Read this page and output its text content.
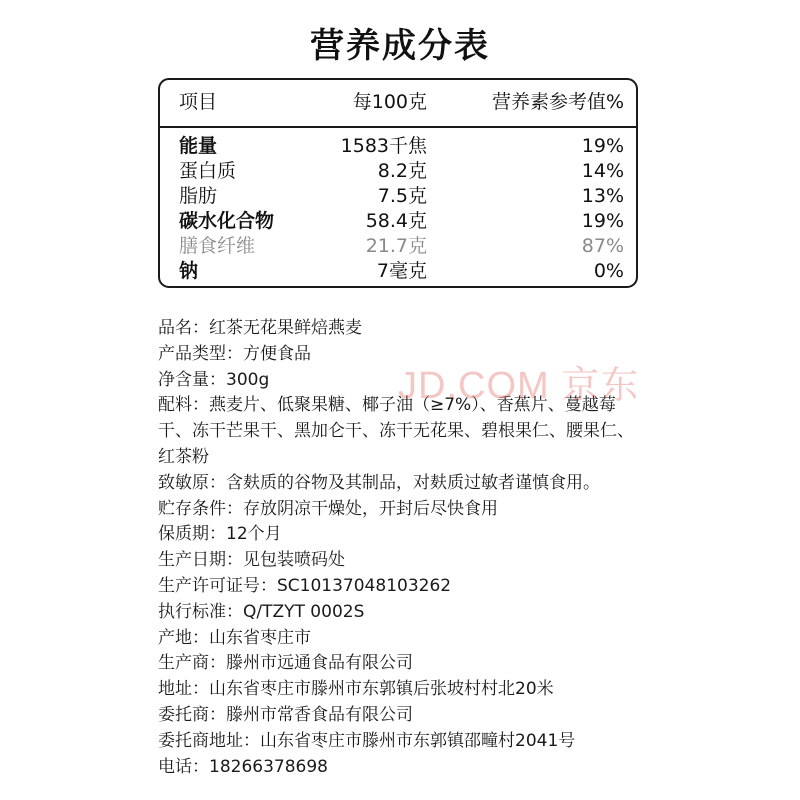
营养成分表
项目	每100克	营养素参考值%
能量	1583千焦	19%
蛋白质	8.2克	14%
脂肪	7.5克	13%
碳水化合物	58.4克	19%
膳食纤维	21.7克	87%
钠	7毫克	0%
品名：红茶无花果鲜焙燕麦
产品类型：方便食品
净含量：300g
配料：燕麦片、低聚果糖、椰子油（≥7%）、香蕉片、蔓越莓干、冻干芒果干、黑加仑干、冻干无花果、碧根果仁、腰果仁、红茶粉
致敏原：含麸质的谷物及其制品，对麸质过敏者谨慎食用。
贮存条件：存放阴凉干燥处，开封后尽快食用
保质期：12个月
生产日期：见包装喷码处
生产许可证号：SC10137048103262
执行标准：Q/TZYT 0002S
产地：山东省枣庄市
生产商：滕州市远通食品有限公司
地址：山东省枣庄市滕州市东郭镇后张坡村村北20米
委托商：滕州市常香食品有限公司
委托商地址：山东省枣庄市滕州市东郭镇邵疃村2041号
电话：18266378698
JD.COM 京东
